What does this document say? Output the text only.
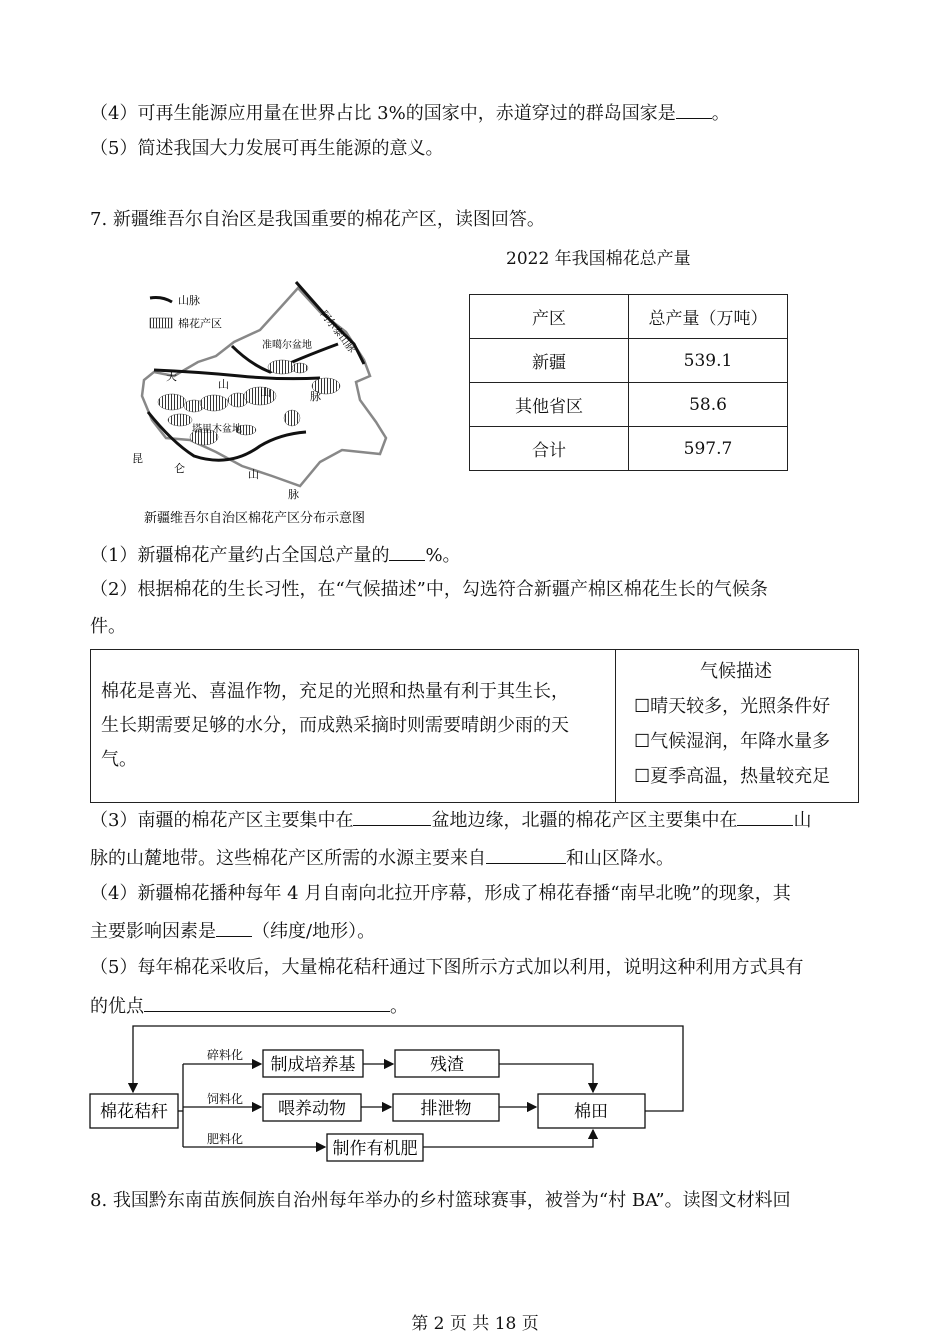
（4）可再生能源应用量在世界占比 3%的国家中，赤道穿过的群岛国家是 。
（5）简述我国大力发展可再生能源的意义。
7. 新疆维吾尔自治区是我国重要的棉花产区，读图回答。
2022 年我国棉花总产量
山脉
棉花产区	阿尔泰山脉
准噶尔盆地
天
山
山	脉
塔里木盆地
昆
仑	山
脉
新疆维吾尔自治区棉花产区分布示意图
产区	总产量（万吨）
新疆	539.1
其他省区	58.6
合计	597.7
（1）新疆棉花产量约占全国总产量的 %。
（2）根据棉花的生长习性，在“气候描述”中，勾选符合新疆产棉区棉花生长的气候条
件。

棉花是喜光、喜温作物，充足的光照和热量有利于其生长，

生长期需要足够的水分，而成熟采摘时则需要晴朗少雨的天

气。

气候描述
☐晴天较多，光照条件好
☐气候湿润，年降水量多
☐夏季高温，热量较充足
（3）南疆的棉花产区主要集中在	盆地边缘，北疆的棉花产区主要集中在	山
脉的山麓地带。这些棉花产区所需的水源主要来自	和山区降水。
（4）新疆棉花播种每年 4 月自南向北拉开序幕，形成了棉花春播“南早北晚”的现象，其
主要影响因素是 （纬度/地形）。
（5）每年棉花采收后，大量棉花秸秆通过下图所示方式加以利用，说明这种利用方式具有
的优点	。
棉花秸秆
碎料化
饲料化
肥料化
制成培养基	残渣
喂养动物	排泄物	棉田
制作有机肥
8. 我国黔东南苗族侗族自治州每年举办的乡村篮球赛事，被誉为“村 BA”。读图文材料回
第 2 页 共 18 页
